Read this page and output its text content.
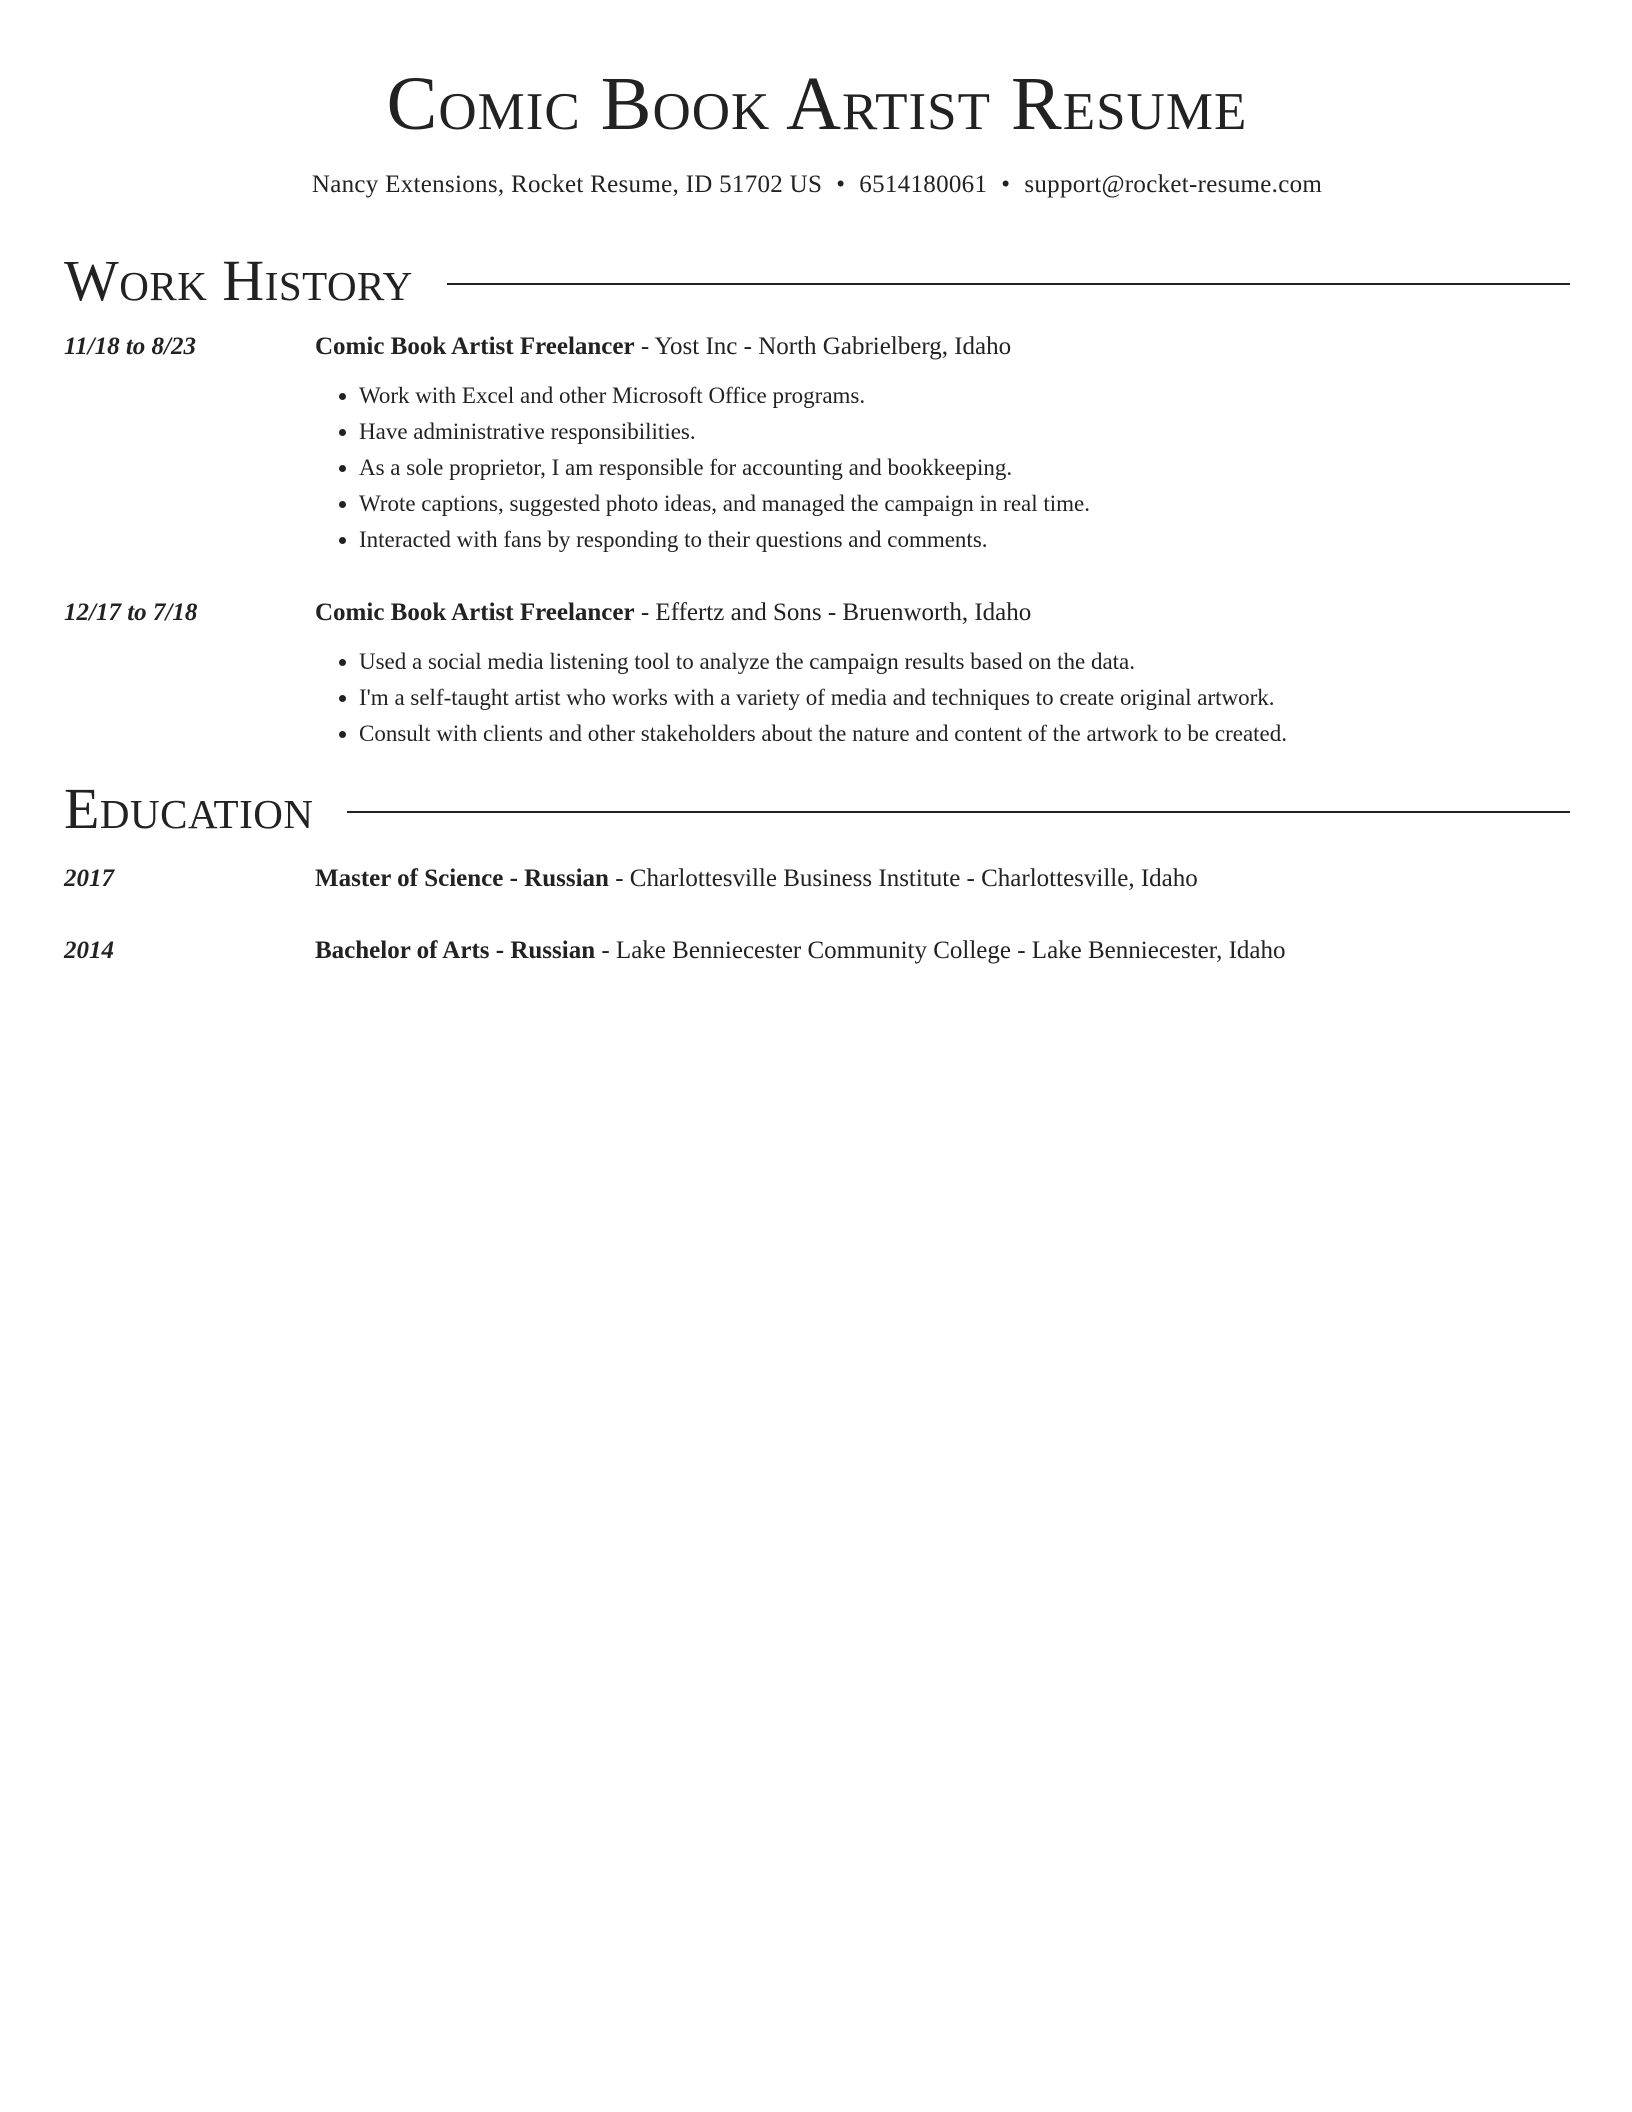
Comic Book Artist Resume
Nancy Extensions, Rocket Resume, ID 51702 US • 6514180061 • support@rocket-resume.com
Work History
11/18 to 8/23	Comic Book Artist Freelancer - Yost Inc - North Gabrielberg, Idaho
• Work with Excel and other Microsoft Office programs.
• Have administrative responsibilities.
• As a sole proprietor, I am responsible for accounting and bookkeeping.
• Wrote captions, suggested photo ideas, and managed the campaign in real time.
• Interacted with fans by responding to their questions and comments.
12/17 to 7/18	Comic Book Artist Freelancer - Effertz and Sons - Bruenworth, Idaho
• Used a social media listening tool to analyze the campaign results based on the data.
• I'm a self-taught artist who works with a variety of media and techniques to create original artwork.
• Consult with clients and other stakeholders about the nature and content of the artwork to be created.
Education
2017	Master of Science - Russian - Charlottesville Business Institute - Charlottesville, Idaho
2014	Bachelor of Arts - Russian - Lake Benniecester Community College - Lake Benniecester, Idaho
